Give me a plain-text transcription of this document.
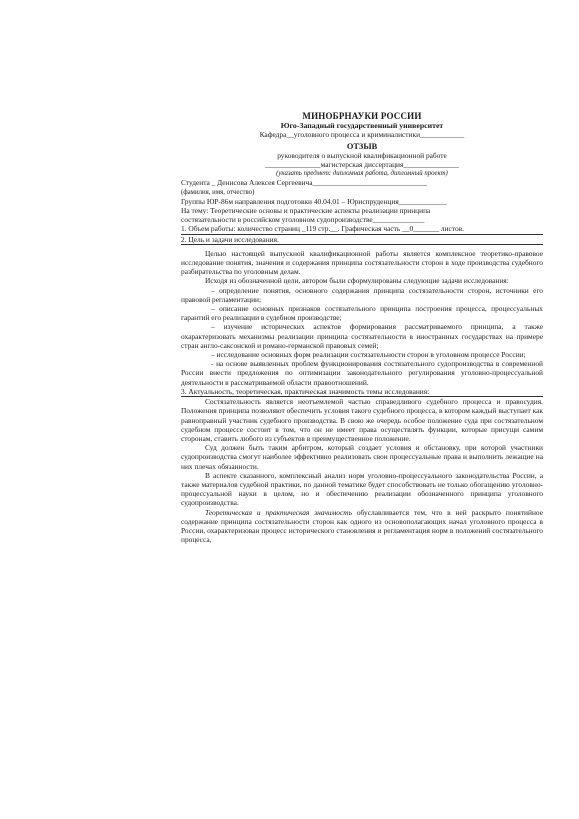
МИНОБРНАУКИ РОССИИ
Юго-Западный государственный университет
Кафедра__уголовного процесса и криминалистики____________
ОТЗЫВ
руководителя о выпускной квалификационной работе
_______________магистерская диссертация_______________
(указать предмет: дипломная работа, дипломный проект)
Студента _ Денисова Алексея Сергеевича_______________________________
(фамилия, имя, отчество)
Группы ЮР-86м направления подготовки 40.04.01 – Юриспруденция_____________
На тему: Теоретические основы и практические аспекты реализации принципа
состязательности в российском уголовном судопроизводстве______________
1. Объем работы: количество страниц _119 стр.__. Графическая часть __0_______ листов.
2. Цель и задачи исследования.

Целью настоящей выпускной квалификационной работы является комплексное теоретико-правовое исследование понятия, значения и содержания принципа состязательности сторон в ходе производства судебного разбирательства по уголовным делам.

Исходя из обозначенной цели, автором были сформулированы следующие задачи исследования:

– определение понятия, основного содержания принципа состязательности сторон, источники его правовой регламентации;

– описание основных признаков состязательного принципа построения процесса, процессуальных гарантий его реализации в судебном производстве;

– изучение исторических аспектов формирования рассматриваемого принципа, а также охарактеризовать механизмы реализации принципа состязательности в иностранных государствах на примере стран англо-саксонской и романо-германской правовых семей;

– исследование основных форм реализации состязательности сторон в уголовном процессе России;

- на основе выявленных проблем функционирования состязательного судопроизводства в современной России внести предложения по оптимизации законодательного регулирования уголовно-процессуальной деятельности в рассматриваемой области правоотношений.

3. Актуальность, теоретическая, практическая значимость темы исследования:

Состязательность является неотъемлемой частью справедливого судебного процесса и правосудия. Положения принципа позволяют обеспечить условия такого судебного процесса, в котором каждый выступает как равноправный участник судебного производства. В свою же очередь особое положение суда при состязательном судебном процессе состоит в том, что он не имеет права осуществлять функции, которые присущи самим сторонам, ставить любого из субъектов в преимущественное положение.

Суд должен быть таким арбитром, который создает условия и обстановку, при которой участники судопроизводства смогут наиболее эффективно реализовать свои процессуальные права и выполнить лежащие на них плечах обязанности.

В аспекте сказанного, комплексный анализ норм уголовно-процессуального законодательства России, а также материалов судебной практики, по данной тематике будет способствовать не только обогащению уголовно-процессуальной науки в целом, но и обеспечению реализации обозначенного принципа уголовного судопроизводства.

Теоретическая и практическая значимость обуславливается тем, что в ней раскрыто понятийное содержание принципа состязательности сторон как одного из основополагающих начал уголовного процесса в России, охарактеризован процесс исторического становления и регламентация норм в положений состязательного процесса,
